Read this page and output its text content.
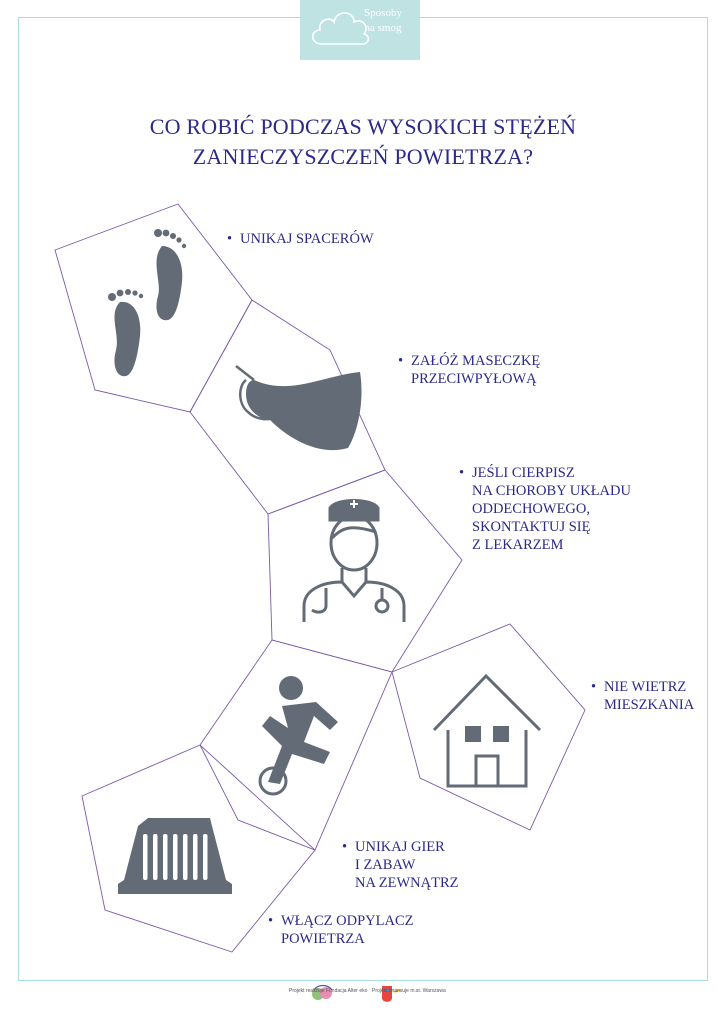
Sposoby
na smog
CO ROBIĆ PODCZAS WYSOKICH STĘŻEŃ
ZANIECZYSZCZEŃ POWIETRZA?
• UNIKAJ SPACERÓW
• ZAŁÓŻ MASECZKĘ
PRZECIWPYŁOWĄ
• JEŚLI CIERPISZ
NA CHOROBY UKŁADU
ODDECHOWEGO,
SKONTAKTUJ SIĘ
Z LEKARZEM
• NIE WIETRZ
MIESZKANIA
• UNIKAJ GIER
I ZABAW
NA ZEWNĄTRZ
• WŁĄCZ ODPYLACZ
POWIETRZA
Projekt realizuje Fundacja Alter eko Projekt finansuje m.st. Warszawa
